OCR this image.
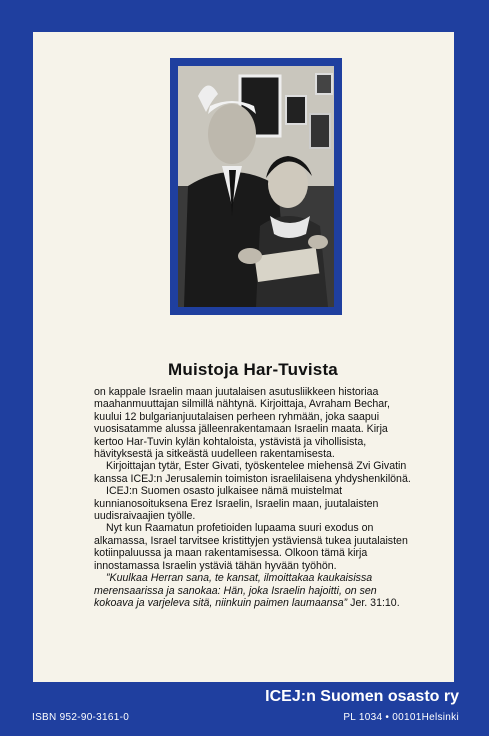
Muistoja Har-Tuvista

on kappale Israelin maan juutalaisen asutusliikkeen historiaa maahanmuuttajan silmillä nähtynä. Kirjoittaja, Avraham Bechar, kuului 12 bulgarianjuutalaisen perheen ryhmään, joka saapui vuosisatamme alussa jälleenrakentamaan Israelin maata. Kirja kertoo Har-Tuvin kylän kohtaloista, ystävistä ja vihollisista, hävityksestä ja sitkeästä uudelleen rakentamisesta.

Kirjoittajan tytär, Ester Givati, työskentelee miehensä Zvi Givatin kanssa ICEJ:n Jerusalemin toimiston israelilaisena yhdyshenkilönä.

ICEJ:n Suomen osasto julkaisee nämä muistelmat kunnianosoituksena Erez Israelin, Israelin maan, juutalaisten uudisraivaajien työlle.

Nyt kun Raamatun profetioiden lupaama suuri exodus on alkamassa, Israel tarvitsee kristittyjen ystäviensä tukea juutalaisten kotiinpaluussa ja maan rakentamisessa. Olkoon tämä kirja innostamassa Israelin ystäviä tähän hyvään työhön.

”Kuulkaa Herran sana, te kansat, ilmoittakaa kaukaisissa merensaarissa ja sanokaa: Hän, joka Israelin hajoitti, on sen kokoava ja varjeleva sitä, niinkuin paimen laumaansa” Jer. 31:10.

ICEJ:n Suomen osasto ry
ISBN 952-90-3161-0	PL 1034 • 00101Helsinki
